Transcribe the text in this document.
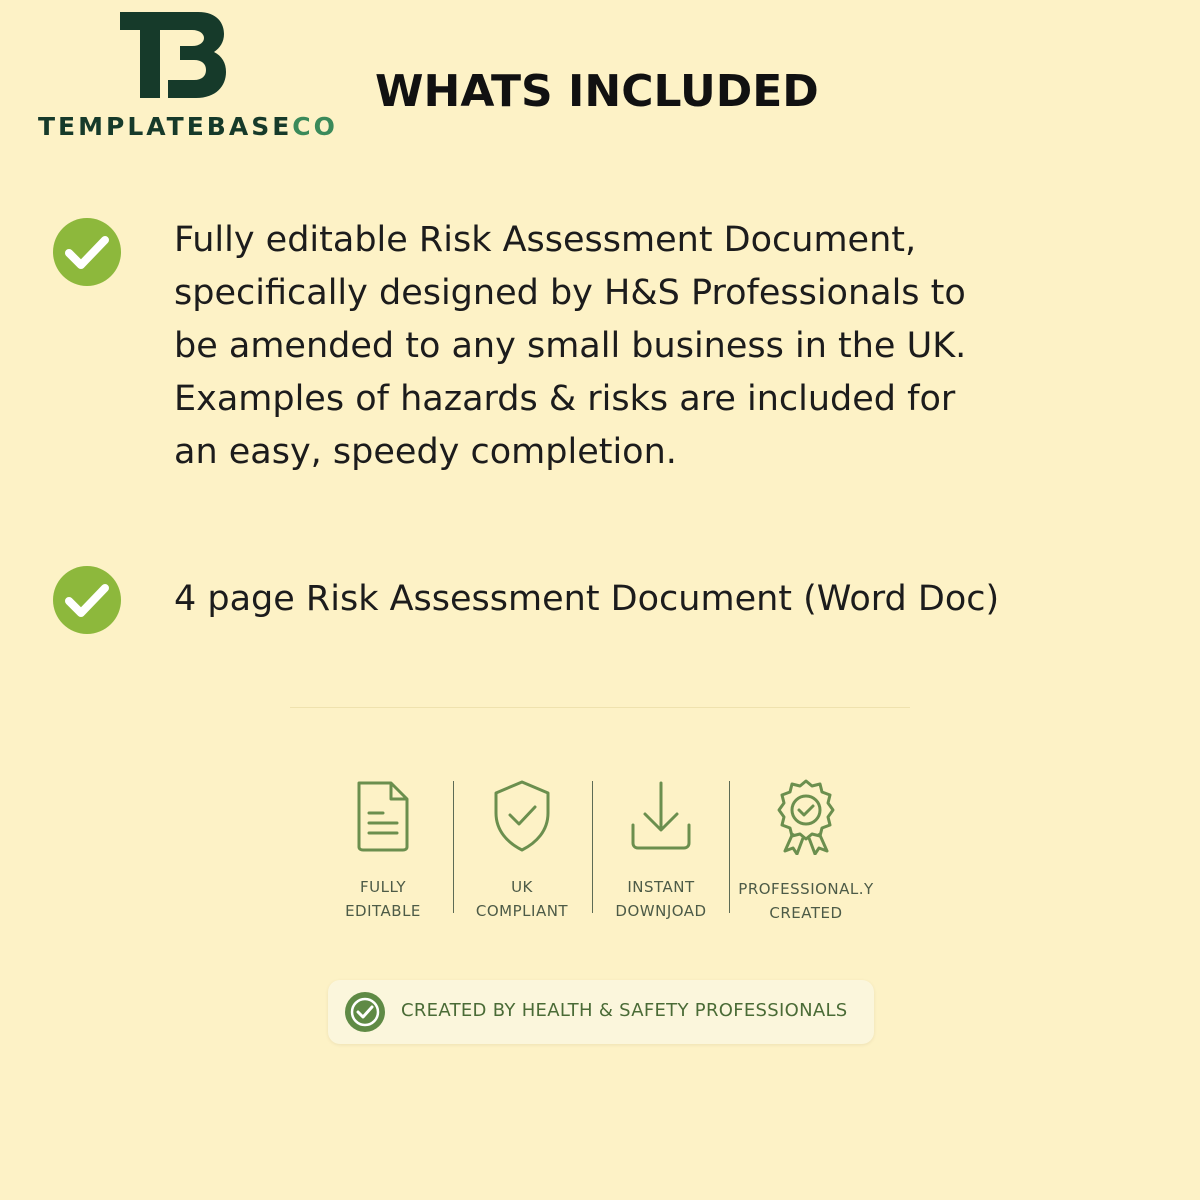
TEMPLATEBASECO
WHATS INCLUDED
Fully editable Risk Assessment Document,
specifically designed by H&S Professionals to
be amended to any small business in the UK.
Examples of hazards & risks are included for
an easy, speedy completion.
4 page Risk Assessment Document (Word Doc)
FULLY
EDITABLE
UK
COMPLIANT
INSTANT
DOWNJOAD
PROFESSIONAL.Y
CREATED
CREATED BY HEALTH & SAFETY PROFESSIONALS
